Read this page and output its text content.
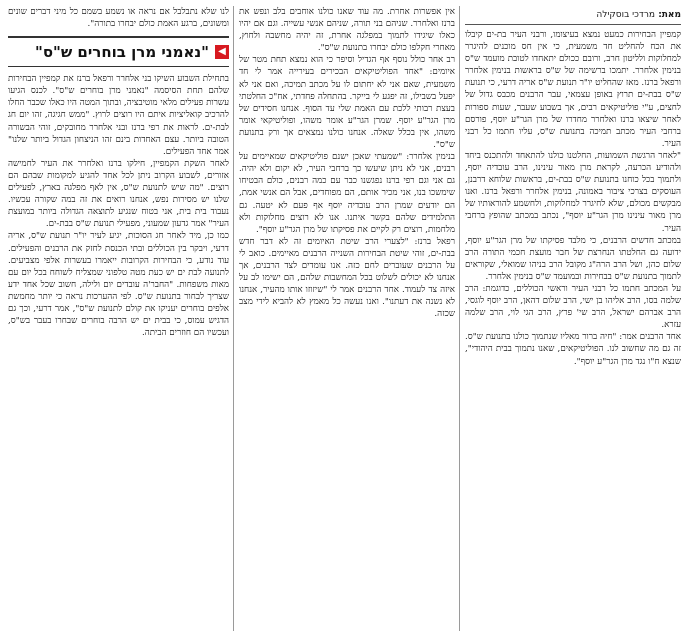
מאת: מרדכי בוסקילה

קמפיין הבחירות כמעט נמצא בעיצומו, ורבני העיר בת-ים קיבלו את הכח להחליט חד משמעית, כי אין חס מוכנים להיגרר למחלוקות ולליטון חרב, ורובם ככולם יתאחדו לטובת מועמד ש"ס בנימין אלחרר. יתמכו ברשימה של ש"ס בראשות בנימין אלחרר ורפאל ברנז. מאז שהחליט יו"ר תנועת ש"ס אריה דרעי, כי תנועת ש"ס בבת-ים תרוץ באופן עצמאי, עבר הרבנים מכבס גדול של לחצים, ע"י פוליטיקאים רבים, אך בשבוע שעבר, שעות ספורות לאחר שיצאו ברנז ואלחרר מחדרו של מרן הגר"ע יוסף, פורסם ברחבי העיר מכתב תמיכה בתנועת ש"ס, עליו חתמו כל רבני העיר.

"לאחר הרגשת השמועות, החלטנו כולנו להתאחד ולהתכנס ביחד ולהודיע הכרעה, לקראת מרן מאור עינינו, הרב עובדיה יוסף, ולתמוך בכל כוחנו בתנועת ש"ס בבת-ים, בראשות שלוחא דרבנן, העוסקים בצרכי ציבור באמונה, בנימין אלחרר ורפאל ברנז. ואנו מבקשים מכולם, שלא לחיגרר למחלוקות, ולחשמע להוראותיו של מרן מאור עינינו מרן הגר"ע יוסף", נכתב במכתב שהופץ ברחבי העיר.

במכתב חדשים הרבנים, כי מלבד פסיקתו של מרן הגר"ע יוסף, ידועה גם החלטתו הנחרצת של חבר מועצת חכמי התורה הרב שלום כהן, ושל הרב הרה"ג מקובל הרב בניהו שמואלי, שקוראים לתמוך בתנועת ש"ס בבחירות ובמועמד ש"ס בנימין אלחרר.

על המכתב חתמו כל רבני העיר וראשי הכוללים, כדוגמת: הרב שלמה בסו, הרב אליהו בן ישי, הרב שלום דהאן, הרב יוסף לוגסי, הרב אברהם ישראל, הרב שי' פרץ, הרב הגי לוי, הרב שלמה עזרא.

אחד הרבנים אמר: "חיה ברור מאליו שנתמוך כולנו בתנועת ש"ס. זה גם מה שחשוב לנו. הפוליטיקאים, שאנו נתמוך בבית היהודי", שנצא ח"ו נגד מרן הגר"ע יוסף".

אין אפשרות אחרת. מה עוד שאנו כולנו אוחבים בלב ונפש את ברנז ואלחרר. שניהם בני תורה, שניהם אנשי עשייה. וגם אם יהיו כאלו שיגידו לתמוך במפלגה אחרת, זה יהיה מחשבה ולחוץ, מאחרי חקלפו כולם יבחרו בתנועת ש"ס".

רב אחר כולל נוסף אף הגדיל וסיפר כי הוא נמצא תחת מטר של איומים: "אחד הפוליטיקאים הבכירים בעירייה אמר לי חד משמעית, שאם אני לא יחתום לו על מכתב תמיכה, ואם אני לא יפעל בשבילו, זה יפגע לי בייקר. בהתחלה פחדתי, אח"כ החלטתי בעצת רבותי ללכת עם האמת שלי עד הסוף. אנחנו חסידים של מרן הגר"ע יוסף. שמרן הגר"ע אומר משהו, ופוליטיקאי אומר משהו, אין בכלל שאלה. אנחנו כולנו נמצאים אך ורק בתנועת ש"ס".

בנימין אלחרר: "שמעתי שאכן ישנם פוליטיקאים שמאיימים על רבנים, אני לא ניתן שיעשו כך ברחבי העיר, לא יקום ולא יהיה. גם אני וגם רפי ברנז נפגשנו כבר עם כמה רבנים, כולם הבטיחו שימשכו בנו, אני מכיר אותם, הם מפוחדים, אבל הם אנשי אמת, הם יודעים שמרן הרב עובדיה יוסף אף פעם לא יטעה. גם התלמידים שלהם בקשר איתנו. אנו לא רוצים מחלוקות ולא מלחמות, רוצים רק לקיים את פסיקתו של מרן הגר"ע יוסף".

רפאל ברנז: "לצערי הרב שיטת האיומים זה לא דבר חדש בבת-ים, זוהי שיטת הבחירות השנייה הרבנים מאיימים. כואב לי על הרבנים שעוברים לחם כזה. אנו עומדים לצד הרבנים, אך אנחנו לא יכולים לשלוט בכל המחשבות שלהם, הם ישימו לב על איזה צד לעמוד. אחד הרבנים אמר לי "שיזוזו אותו מהעיר, אנחנו לא נשנה את דעתנו". ואנו נעשה כל מאמץ לא להביא לידי מצב שכזה.

לנו שלא נתבלבל אם נראה או נשמע בשמם כל מיני דברים שונים ומשונים, ברגע האמת כולם יבחרו בתורה".

◀
"נאמני מרן בוחרים ש"ס"

בתחילת השבוע השיקו בני אלחרר ורפאל ברנז את קמפיין הבחירות שלהם תחת הסיסמה "נאמני מרן בוחרים ש"ס". לכנס הגיעו עשרות פעילים מלאי מוטיבציה, ובתוך המטה היו כאלו שכבר החלו להרכיב קואליציות איתם היו רוצים לרוץ. "ממש חגיגה, זהו יום חג לבת-ים. לראות את רפי ברנז ובני אלחרר מחובקים, זוהי הבשורה הטובה ביותר. עצם האחדות בינם זהו הניצחון הגדול ביותר שלנו" אמר אחד הפעילים.

לאחר השקת הקמפיין, חילקו ברנז ואלחרר את העיר לחמישה אזורים, לשבוע הקרוב ניתן לכל אחד להגיע למקומות שבהם הם רוצים. "מה שיש לתנועת ש"ס, אין לאף מפלגה בארץ, לפעילים שלנו יש מסירות נפש, אנחנו רואים את זה במה שקורה עכשיו. נעבוד בית בית, אני בטוח שנגיע לתוצאה הגדולה ביותר במועצת העיר" אמר גדעון שמעוני, מפעילי תנועת ש"ס בבת-ים.

כמו כן, מיד לאחר חג הסוכות, יגיע לעיר יו"ר תנועת ש"ס, אריה דרעי, ויבקר בין הכוללים ובתי הכנסת לחזק את הרבנים והפעילים. עוד נודע, כי הבחירות הקרובות ייאמרו בעשרות אלפי מצביעים. לתנועה לבת ים יש כעת מטה טלפוני שמצליח לשוחח בכל יום עם מאות משפחות. "החבר'ה עובדים יום ולילה, חשוב שכל אחד ידע שצריך לבחור בתנועת ש"ס. לפי ההערכות נראה כי יותר מחמשת אלפים בוחרים יעניקו את קולם לתנועת ש"ס", אמר דרעי, וכך גם הדגיש עמוס, כי בבית ים יש הרבה בוחרים שבחרו בעבר בש"ס, ועכשיו הם חוזרים הביתה.
